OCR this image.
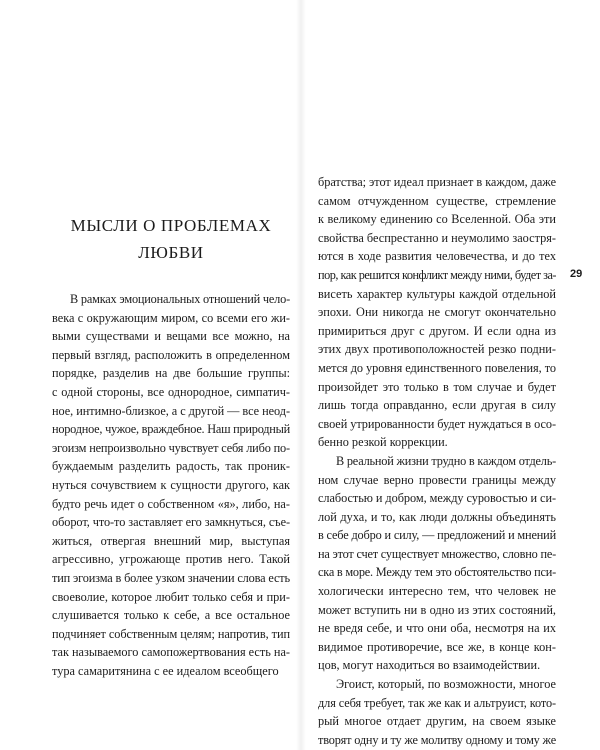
МЫСЛИ О ПРОБЛЕМАХ
ЛЮБВИ
В рамках эмоциональных отношений чело-
века с окружающим миром, со всеми его жи-
выми существами и вещами все можно, на
первый взгляд, расположить в определенном
порядке, разделив на две большие группы:
с одной стороны, все однородное, симпатич-
ное, интимно-близкое, а с другой — все неод-
нородное, чужое, враждебное. Наш природный
эгоизм непроизвольно чувствует себя либо по-
буждаемым разделить радость, так проник-
нуться сочувствием к сущности другого, как
будто речь идет о собственном «я», либо, на-
оборот, что-то заставляет его замкнуться, съе-
житься, отвергая внешний мир, выступая
агрессивно, угрожающе против него. Такой
тип эгоизма в более узком значении слова есть
своеволие, которое любит только себя и при-
слушивается только к себе, а все остальное
подчиняет собственным целям; напротив, тип
так называемого самопожертвования есть на-
тура самаритянина с ее идеалом всеобщего
братства; этот идеал признает в каждом, даже
самом отчужденном существе, стремление
к великому единению со Вселенной. Оба эти
свойства беспрестанно и неумолимо заостря-
ются в ходе развития человечества, и до тех
пор, как решится конфликт между ними, будет за-
висеть характер культуры каждой отдельной
эпохи. Они никогда не смогут окончательно
примириться друг с другом. И если одна из
этих двух противоположностей резко подни-
мется до уровня единственного повеления, то
произойдет это только в том случае и будет
лишь тогда оправданно, если другая в силу
своей утрированности будет нуждаться в осо-
бенно резкой коррекции.
В реальной жизни трудно в каждом отдель-
ном случае верно провести границы между
слабостью и добром, между суровостью и си-
лой духа, и то, как люди должны объединять
в себе добро и силу, — предложений и мнений
на этот счет существует множество, словно пе-
ска в море. Между тем это обстоятельство пси-
хологически интересно тем, что человек не
может вступить ни в одно из этих состояний,
не вредя себе, и что они оба, несмотря на их
видимое противоречие, все же, в конце кон-
цов, могут находиться во взаимодействии.
Эгоист, который, по возможности, многое
для себя требует, так же как и альтруист, кото-
рый многое отдает другим, на своем языке
творят одну и ту же молитву одному и тому же
29
